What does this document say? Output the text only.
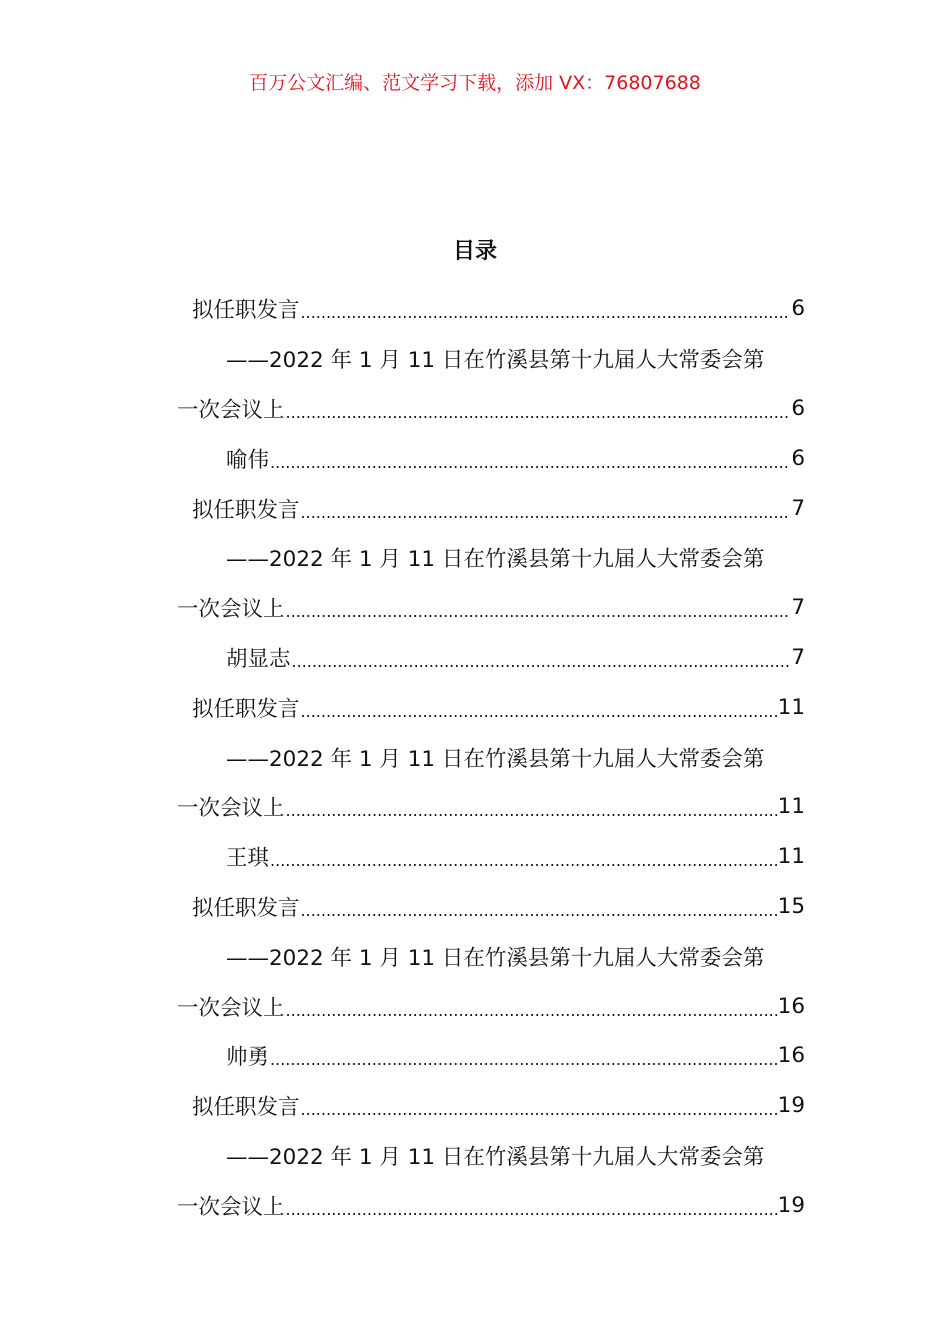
百万公文汇编、范文学习下载，添加 VX：76807688
目录
拟任职发言 .....	6
——2022 年 1 月 11 日在竹溪县第十九届人大常委会第
一次会议上 .....	6
喻伟 .....	6
拟任职发言 .....	7
——2022 年 1 月 11 日在竹溪县第十九届人大常委会第
一次会议上 .....	7
胡显志 .....	7
拟任职发言 .....	11
——2022 年 1 月 11 日在竹溪县第十九届人大常委会第
一次会议上 .....	11
王琪 .....	11
拟任职发言 .....	15
——2022 年 1 月 11 日在竹溪县第十九届人大常委会第
一次会议上 .....	16
帅勇 .....	16
拟任职发言 .....	19
——2022 年 1 月 11 日在竹溪县第十九届人大常委会第
一次会议上 .....	19
